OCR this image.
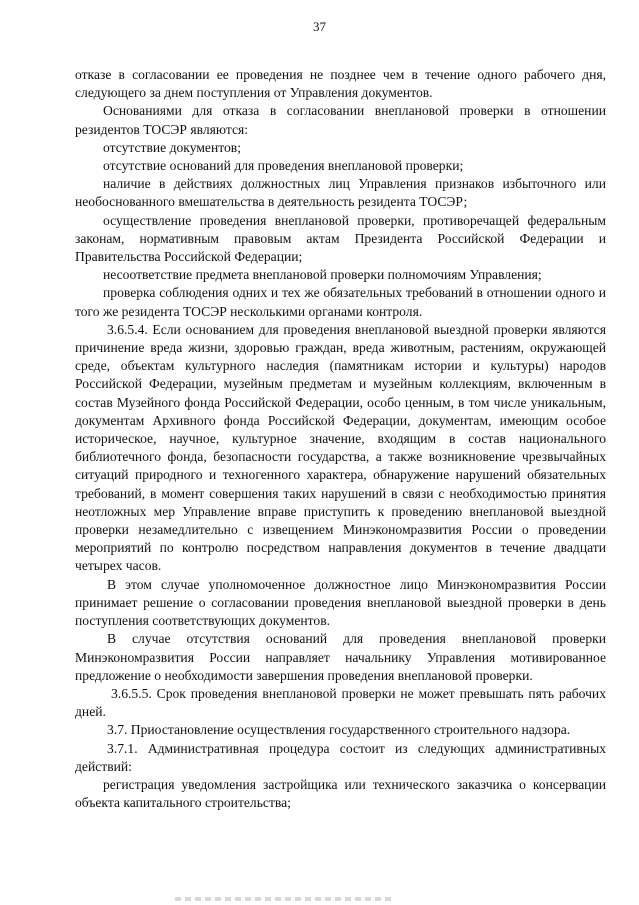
37

отказе в согласовании ее проведения не позднее чем в течение одного рабочего дня, следующего за днем поступления от Управления документов.

Основаниями для отказа в согласовании внеплановой проверки в отношении резидентов ТОСЭР являются:

отсутствие документов;

отсутствие оснований для проведения внеплановой проверки;

наличие в действиях должностных лиц Управления признаков избыточного или необоснованного вмешательства в деятельность резидента ТОСЭР;

осуществление проведения внеплановой проверки, противоречащей федеральным законам, нормативным правовым актам Президента Российской Федерации и Правительства Российской Федерации;

несоответствие предмета внеплановой проверки полномочиям Управления;

проверка соблюдения одних и тех же обязательных требований в отношении одного и того же резидента ТОСЭР несколькими органами контроля.

3.6.5.4. Если основанием для проведения внеплановой выездной проверки являются причинение вреда жизни, здоровью граждан, вреда животным, растениям, окружающей среде, объектам культурного наследия (памятникам истории и культуры) народов Российской Федерации, музейным предметам и музейным коллекциям, включенным в состав Музейного фонда Российской Федерации, особо ценным, в том числе уникальным, документам Архивного фонда Российской Федерации, документам, имеющим особое историческое, научное, культурное значение, входящим в состав национального библиотечного фонда, безопасности государства, а также возникновение чрезвычайных ситуаций природного и техногенного характера, обнаружение нарушений обязательных требований, в момент совершения таких нарушений в связи с необходимостью принятия неотложных мер Управление вправе приступить к проведению внеплановой выездной проверки незамедлительно с извещением Минэкономразвития России о проведении мероприятий по контролю посредством направления документов в течение двадцати четырех часов.

В этом случае уполномоченное должностное лицо Минэкономразвития России принимает решение о согласовании проведения внеплановой выездной проверки в день поступления соответствующих документов.

В случае отсутствия оснований для проведения внеплановой проверки Минэкономразвития России направляет начальнику Управления мотивированное предложение о необходимости завершения проведения внеплановой проверки.

3.6.5.5. Срок проведения внеплановой проверки не может превышать пять рабочих дней.

3.7. Приостановление осуществления государственного строительного надзора.

3.7.1. Административная процедура состоит из следующих административных действий:

регистрация уведомления застройщика или технического заказчика о консервации объекта капитального строительства;
